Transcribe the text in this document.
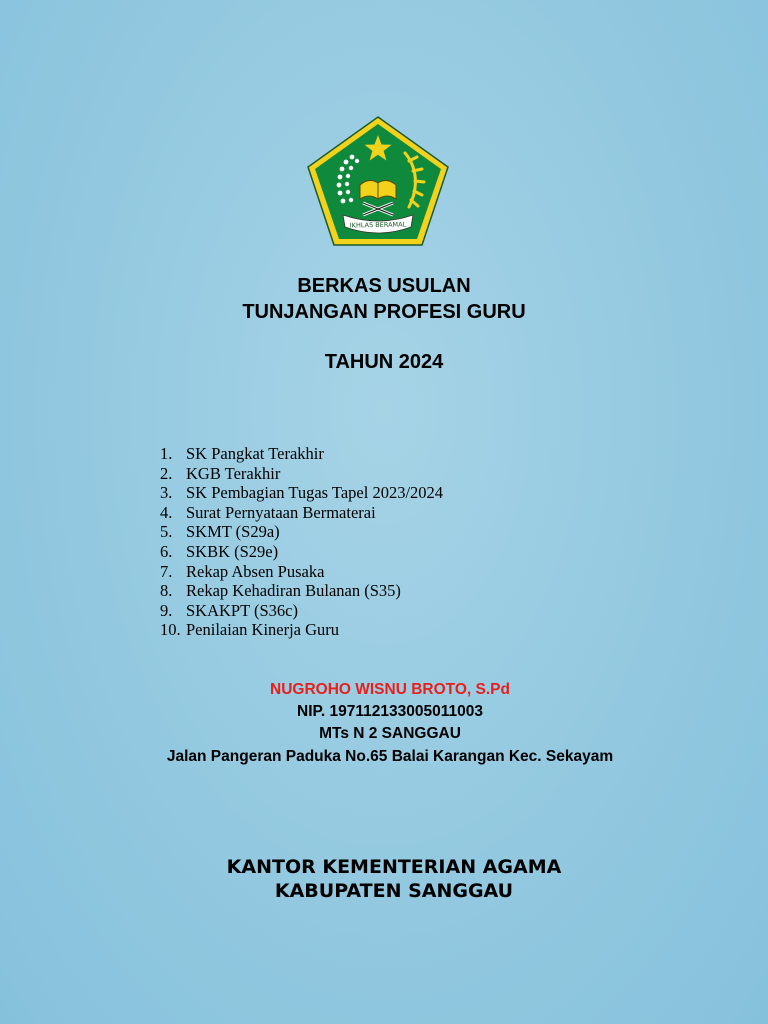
IKHLAS BERAMAL
BERKAS USULAN
TUNJANGAN PROFESI GURU
TAHUN 2024
1. SK Pangkat Terakhir
2. KGB Terakhir
3. SK Pembagian Tugas Tapel 2023/2024
4. Surat Pernyataan Bermaterai
5. SKMT (S29a)
6. SKBK (S29e)
7. Rekap Absen Pusaka
8. Rekap Kehadiran Bulanan (S35)
9. SKAKPT (S36c)
10. Penilaian Kinerja Guru
NUGROHO WISNU BROTO, S.Pd
NIP. 197112133005011003
MTs N 2 SANGGAU
Jalan Pangeran Paduka No.65 Balai Karangan Kec. Sekayam
KANTOR KEMENTERIAN AGAMA
KABUPATEN SANGGAU
